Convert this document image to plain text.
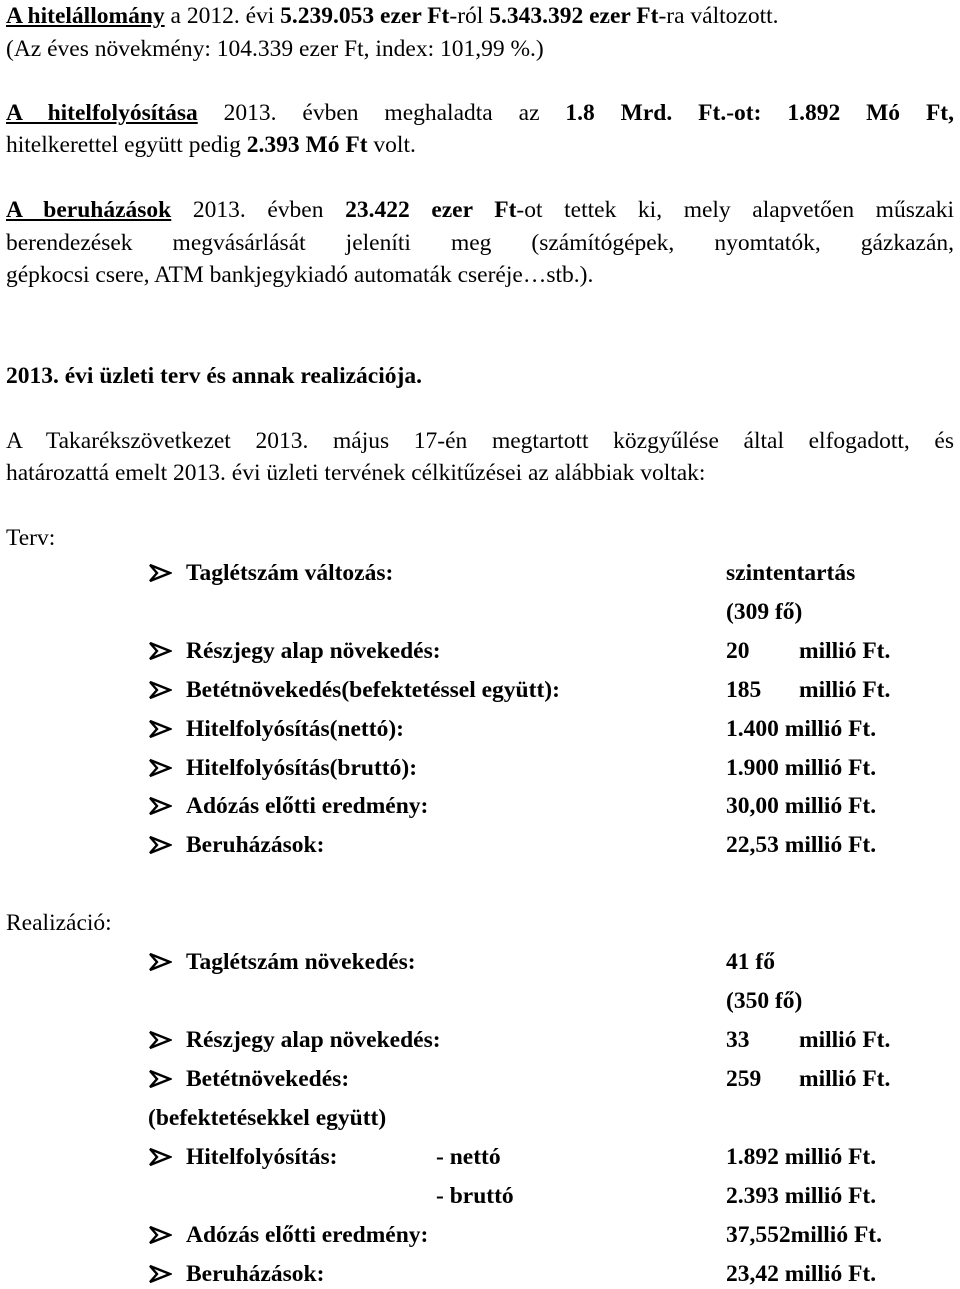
A hitelállomány a 2012. évi 5.239.053 ezer Ft-ról 5.343.392 ezer Ft-ra változott.
(Az éves növekmény: 104.339 ezer Ft, index: 101,99 %.)
A hitelfolyósítása 2013. évben meghaladta az 1.8 Mrd. Ft.-ot: 1.892 Mó Ft,
hitelkerettel együtt pedig 2.393 Mó Ft volt.
A beruházások 2013. évben 23.422 ezer Ft-ot tettek ki, mely alapvetően műszaki
berendezések megvásárlását jeleníti meg (számítógépek, nyomtatók, gázkazán,
gépkocsi csere, ATM bankjegykiadó automaták cseréje…stb.).
2013. évi üzleti terv és annak realizációja.
A Takarékszövetkezet 2013. május 17-én megtartott közgyűlése által elfogadott, és
határozattá emelt 2013. évi üzleti tervének célkitűzései az alábbiak voltak:
Terv:
Taglétszám változás:	szintentartás
(309 fő)
Részjegy alap növekedés:	20 millió Ft.
Betétnövekedés(befektetéssel együtt):	185 millió Ft.
Hitelfolyósítás(nettó):	1.400 millió Ft.
Hitelfolyósítás(bruttó):	1.900 millió Ft.
Adózás előtti eredmény:	30,00 millió Ft.
Beruházások:	22,53 millió Ft.
Realizáció:
Taglétszám növekedés:	41 fő
(350 fő)
Részjegy alap növekedés:	33 millió Ft.
Betétnövekedés:	259 millió Ft.
(befektetésekkel együtt)
Hitelfolyósítás:	- nettó	1.892 millió Ft.
- bruttó	2.393 millió Ft.
Adózás előtti eredmény:	37,552millió Ft.
Beruházások:	23,42 millió Ft.
